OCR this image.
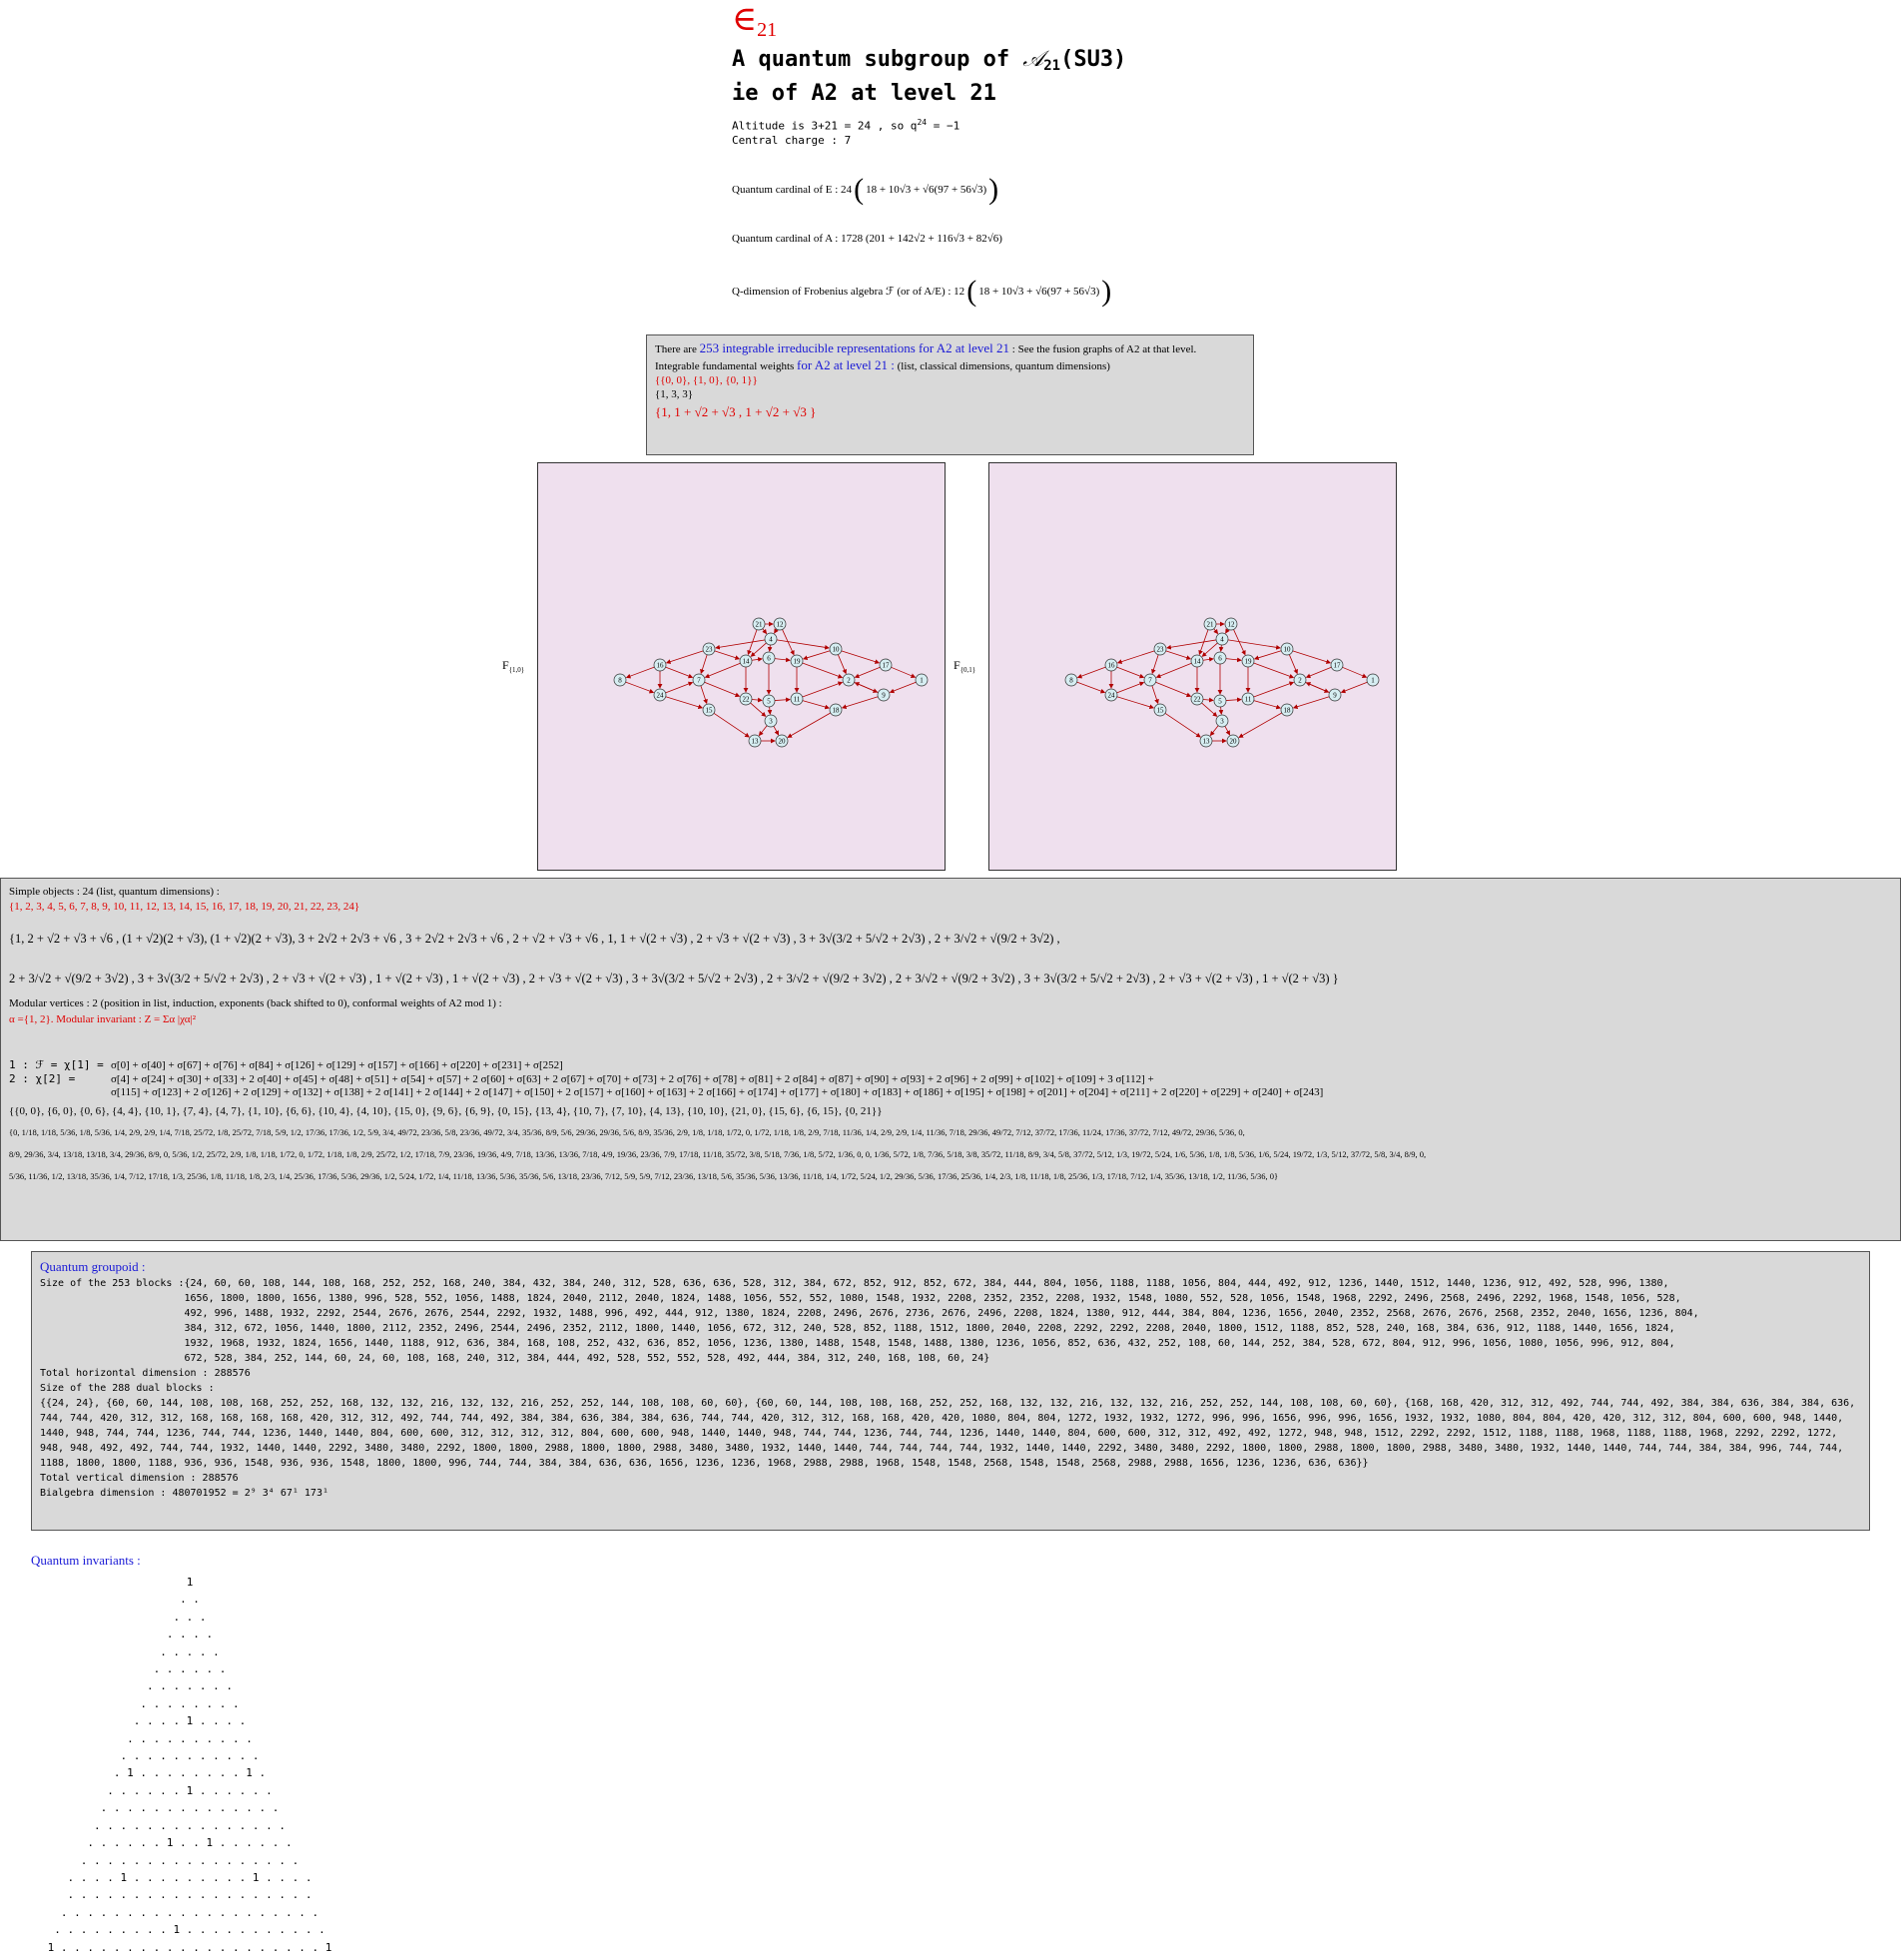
∈21
A quantum subgroup of 𝒜21(SU3)
ie of A2 at level 21
Altitude is 3+21 = 24 , so $q^{24} = -1$
Central charge : 7
Quantum cardinal of E : 24 ( 18 + 10√3 + √6(97 + 56√3) )
Quantum cardinal of A : 1728 (201 + 142√2 + 116√3 + 82√6)
Q-dimension of Frobenius algebra ℱ (or of A/E) : 12 ( 18 + 10√3 + √6(97 + 56√3) )
There are 253 integrable irreducible representations for A2 at level 21 : See the fusion graphs of A2 at that level.
Integrable fundamental weights for A2 at level 21 : (list, classical dimensions, quantum dimensions)
{{0, 0}, {1, 0}, {0, 1}}
{1, 3, 3}
{1, 1 + √2 + √3 , 1 + √2 + √3 }
$F_{\{1,0\}}$	$F_{\{0,1\}}$
21 12
4
23	10
16	14	6	19	17
8	7	2	1
24	22	5	11	9
15
3
18
13	20
21 12
4
23	10
16	14	6	19	17
8	7	2	1
24	22	5	11	9
15
3
18
13	20
Simple objects : 24 (list, quantum dimensions) :
{1, 2, 3, 4, 5, 6, 7, 8, 9, 10, 11, 12, 13, 14, 15, 16, 17, 18, 19, 20, 21, 22, 23, 24}
{1, 2 + √2 + √3 + √6 , (1 + √2)(2 + √3), (1 + √2)(2 + √3), 3 + 2√2 + 2√3 + √6 , 3 + 2√2 + 2√3 + √6 , 2 + √2 + √3 + √6 , 1, 1 + √(2 + √3) , 2 + √3 + √(2 + √3) , 3 + 3√(3/2 + 5/√2 + 2√3) , 2 + 3/√2 + √(9/2 + 3√2) ,
2 + 3/√2 + √(9/2 + 3√2) , 3 + 3√(3/2 + 5/√2 + 2√3) , 2 + √3 + √(2 + √3) , 1 + √(2 + √3) , 1 + √(2 + √3) , 2 + √3 + √(2 + √3) , 3 + 3√(3/2 + 5/√2 + 2√3) , 2 + 3/√2 + √(9/2 + 3√2) , 2 + 3/√2 + √(9/2 + 3√2) , 3 + 3√(3/2 + 5/√2 + 2√3) , 2 + √3 + √(2 + √3) , 1 + √(2 + √3) }
Modular vertices : 2 (position in list, induction, exponents (back shifted to 0), conformal weights of A2 mod 1) :
α ={1, 2}. Modular invariant : Z = Σα |χα|²
1 : ℱ = χ[1] = σ[0] + σ[40] + σ[67] + σ[76] + σ[84] + σ[126] + σ[129] + σ[157] + σ[166] + σ[220] + σ[231] + σ[252]
2 : χ[2] =	σ[4] + σ[24] + σ[30] + σ[33] + 2 σ[40] + σ[45] + σ[48] + σ[51] + σ[54] + σ[57] + 2 σ[60] + σ[63] + 2 σ[67] + σ[70] + σ[73] + 2 σ[76] + σ[78] + σ[81] + 2 σ[84] + σ[87] + σ[90] + σ[93] + 2 σ[96] + 2 σ[99] + σ[102] + σ[109] + 3 σ[112] +
σ[115] + σ[123] + 2 σ[126] + 2 σ[129] + σ[132] + σ[138] + 2 σ[141] + 2 σ[144] + 2 σ[147] + σ[150] + 2 σ[157] + σ[160] + σ[163] + 2 σ[166] + σ[174] + σ[177] + σ[180] + σ[183] + σ[186] + σ[195] + σ[198] + σ[201] + σ[204] + σ[211] + 2 σ[220] + σ[229] + σ[240] + σ[243]
{{0, 0}, {6, 0}, {0, 6}, {4, 4}, {10, 1}, {7, 4}, {4, 7}, {1, 10}, {6, 6}, {10, 4}, {4, 10}, {15, 0}, {9, 6}, {6, 9}, {0, 15}, {13, 4}, {10, 7}, {7, 10}, {4, 13}, {10, 10}, {21, 0}, {15, 6}, {6, 15}, {0, 21}}
{0, 1/18, 1/18, 5/36, 1/8, 5/36, 1/4, 2/9, 2/9, 1/4, 7/18, 25/72, 1/8, 25/72, 7/18, 5/9, 1/2, 17/36, 17/36, 1/2, 5/9, 3/4, 49/72, 23/36, 5/8, 23/36, 49/72, 3/4, 35/36, 8/9, 5/6, 29/36, 29/36, 5/6, 8/9, 35/36, 2/9, 1/8, 1/18, 1/72, 0, 1/72, 1/18, 1/8, 2/9, 7/18, 11/36, 1/4, 2/9, 2/9, 1/4, 11/36, 7/18, 29/36, 49/72, 7/12, 37/72, 17/36, 11/24, 17/36, 37/72, 7/12, 49/72, 29/36, 5/36, 0,
8/9, 29/36, 3/4, 13/18, 13/18, 3/4, 29/36, 8/9, 0, 5/36, 1/2, 25/72, 2/9, 1/8, 1/18, 1/72, 0, 1/72, 1/18, 1/8, 2/9, 25/72, 1/2, 17/18, 7/9, 23/36, 19/36, 4/9, 7/18, 13/36, 13/36, 7/18, 4/9, 19/36, 23/36, 7/9, 17/18, 11/18, 35/72, 3/8, 5/18, 7/36, 1/8, 5/72, 1/36, 0, 0, 1/36, 5/72, 1/8, 7/36, 5/18, 3/8, 35/72, 11/18, 8/9, 3/4, 5/8, 37/72, 5/12, 1/3, 19/72, 5/24, 1/6, 5/36, 1/8, 1/8, 5/36, 1/6, 5/24, 19/72, 1/3, 5/12, 37/72, 5/8, 3/4, 8/9, 0,
5/36, 11/36, 1/2, 13/18, 35/36, 1/4, 7/12, 17/18, 1/3, 25/36, 1/8, 11/18, 1/8, 2/3, 1/4, 25/36, 17/36, 5/36, 29/36, 1/2, 5/24, 1/72, 1/4, 11/18, 13/36, 5/36, 35/36, 5/6, 13/18, 23/36, 7/12, 5/9, 5/9, 7/12, 23/36, 13/18, 5/6, 35/36, 5/36, 13/36, 11/18, 1/4, 1/72, 5/24, 1/2, 29/36, 5/36, 17/36, 25/36, 1/4, 2/3, 1/8, 11/18, 1/8, 25/36, 1/3, 17/18, 7/12, 1/4, 35/36, 13/18, 1/2, 11/36, 5/36, 0}
Quantum groupoid :
Size of the 253 blocks : {24, 60, 60, 108, 144, 108, 168, 252, 252, 168, 240, 384, 432, 384, 240, 312, 528, 636, 636, 528, 312, 384, 672, 852, 912, 852, 672, 384, 444, 804, 1056, 1188, 1188, 1056, 804, 444, 492, 912, 1236, 1440, 1512, 1440, 1236, 912, 492, 528, 996, 1380, 1656, 1800, 1800, 1656, 1380, 996, 528, 552, 1056, 1488, 1824, 2040, 2112, 2040, 1824, 1488, 1056, 552, 552, 1080, 1548, 1932, 2208, 2352, 2352, 2208, 1932, 1548, 1080, 552, 528, 1056, 1548, 1968, 2292, 2496, 2568, 2496, 2292, 1968, 1548, 1056, 528, 492, 996, 1488, 1932, 2292, 2544, 2676, 2676, 2544, 2292, 1932, 1488, 996, 492, 444, 912, 1380, 1824, 2208, 2496, 2676, 2736, 2676, 2496, 2208, 1824, 1380, 912, 444, 384, 804, 1236, 1656, 2040, 2352, 2568, 2676, 2676, 2568, 2352, 2040, 1656, 1236, 804, 384, 312, 672, 1056, 1440, 1800, 2112, 2352, 2496, 2544, 2496, 2352, 2112, 1800, 1440, 1056, 672, 312, 240, 528, 852, 1188, 1512, 1800, 2040, 2208, 2292, 2292, 2208, 2040, 1800, 1512, 1188, 852, 528, 240, 168, 384, 636, 912, 1188, 1440, 1656, 1824, 1932, 1968, 1932, 1824, 1656, 1440, 1188, 912, 636, 384, 168, 108, 252, 432, 636, 852, 1056, 1236, 1380, 1488, 1548, 1548, 1488, 1380, 1236, 1056, 852, 636, 432, 252, 108, 60, 144, 252, 384, 528, 672, 804, 912, 996, 1056, 1080, 1056, 996, 912, 804, 672, 528, 384, 252, 144, 60, 24, 60, 108, 168, 240, 312, 384, 444, 492, 528, 552, 552, 528, 492, 444, 384, 312, 240, 168, 108, 60, 24}
Total horizontal dimension : 288576
Size of the 288 dual blocks :
{{24, 24}, {60, 60, 144, 108, 108, 168, 252, 252, 168, 132, 132, 216, 132, 132, 216, 252, 252, 144, 108, 108, 60, 60}, {60, 60, 144, 108, 108, 168, 252, 252, 168, 132, 132, 216, 132, 132, 216, 252, 252, 144, 108, 108, 60, 60}, {168, 168, 420, 312, 312, 492, 744, 744, 492, 384, 384, 636, 384, 384, 636, 744, 744, 420, 312, 312, 168, 168, 168, 168, 420, 312, 312, 492, 744, 744, 492, 384, 384, 636, 384, 384, 636, 744, 744, 420, 312, 312, 168, 168, 420, 420, 1080, 804, 804, 1272, 1932, 1932, 1272, 996, 996, 1656, 996, 996, 1656, 1932, 1932, 1080, 804, 804, 420, 420, 312, 312, 804, 600, 600, 948, 1440, 1440, 948, 744, 744, 1236, 744, 744, 1236, 1440, 1440, 804, 600, 600, 312, 312, 312, 312, 804, 600, 600, 948, 1440, 1440, 948, 744, 744, 1236, 744, 744, 1236, 1440, 1440, 804, 600, 600, 312, 312, 492, 492, 1272, 948, 948, 1512, 2292, 2292, 1512, 1188, 1188, 1968, 1188, 1188, 1968, 2292, 2292, 1272, 948, 948, 492, 492, 744, 744, 1932, 1440, 1440, 2292, 3480, 3480, 2292, 1800, 1800, 2988, 1800, 1800, 2988, 3480, 3480, 1932, 1440, 1440, 744, 744, 744, 744, 1932, 1440, 1440, 2292, 3480, 3480, 2292, 1800, 1800, 2988, 1800, 1800, 2988, 3480, 3480, 1932, 1440, 1440, 744, 744, 384, 384, 996, 744, 744, 1188, 1800, 1800, 1188, 936, 936, 1548, 936, 936, 1548, 1800, 1800, 996, 744, 744, 384, 384, 636, 636, 1656, 1236, 1236, 1968, 2988, 2988, 1968, 1548, 1548, 2568, 1548, 1548, 2568, 2988, 2988, 1656, 1236, 1236, 636, 636}}
Total vertical dimension : 288576
Bialgebra dimension : 480701952 = 2⁹ 3⁴ 67¹ 173¹
Quantum invariants :
1
. .
. . .
. . . .
. . . . .
. . . . . .
. . . . . . .
. . . . . . . .
. . . . 1 . . . .
. . . . . . . . . .
. . . . . . . . . . .
. 1 . . . . . . . . 1 .
. . . . . . 1 . . . . . .
. . . . . . . . . . . . . .
. . . . . . . . . . . . . . .
. . . . . . 1 . . 1 . . . . . .
. . . . . . . . . . . . . . . . .
. . . . 1 . . . . . . . . . 1 . . . .
. . . . . . . . . . . . . . . . . . .
. . . . . . . . . . . . . . . . . . . .
. . . . . . . . . 1 . . . . . . . . . . .
1 . . . . . . . . . . . . . . . . . . . . 1
